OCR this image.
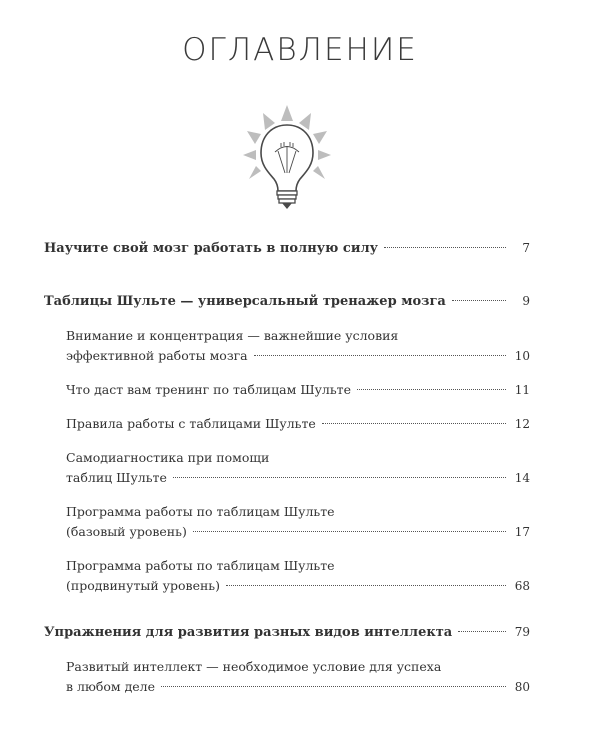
ОГЛАВЛЕНИЕ
Научите свой мозг работать в полную силу	7
Таблицы Шульте — универсальный тренажер мозга	9
Внимание и концентрация — важнейшие условия
эффективной работы мозга	10
Что даст вам тренинг по таблицам Шульте	11
Правила работы с таблицами Шульте	12
Самодиагностика при помощи
таблиц Шульте	14
Программа работы по таблицам Шульте
(базовый уровень)	17
Программа работы по таблицам Шульте
(продвинутый уровень)	68
Упражнения для развития разных видов интеллекта	79
Развитый интеллект — необходимое условие для успеха
в любом деле	80
